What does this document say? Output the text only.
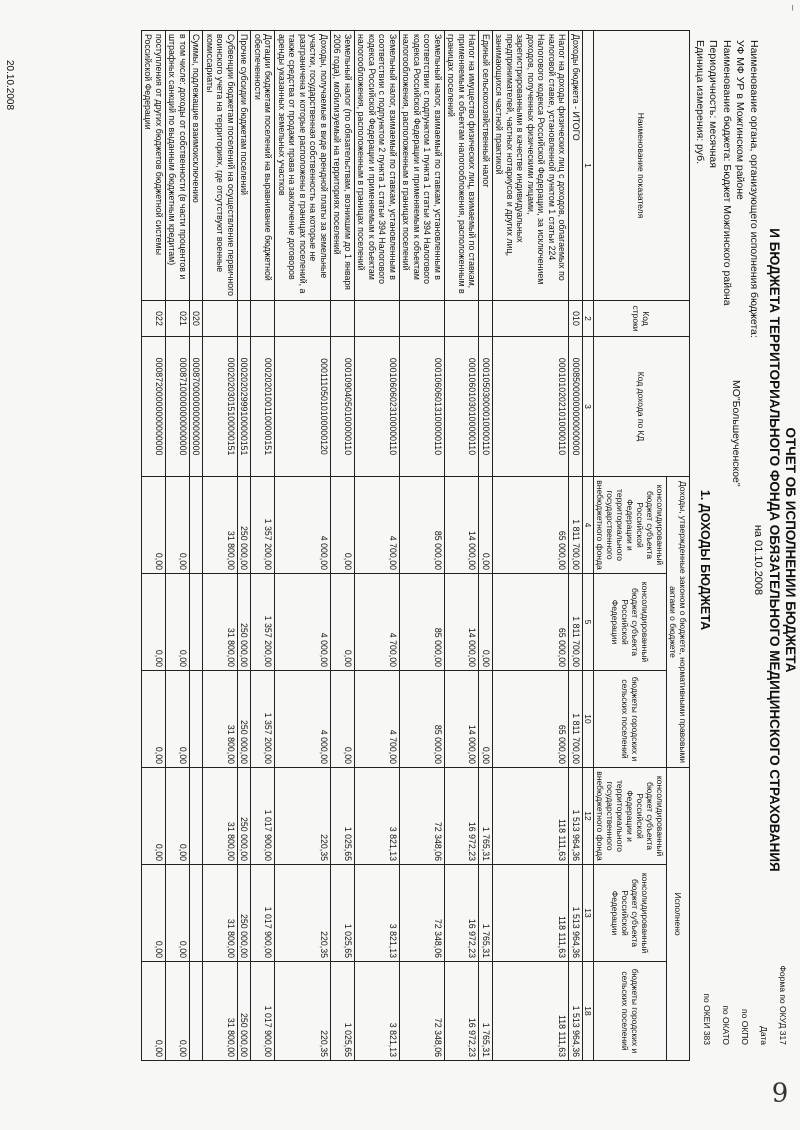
–
ОТЧЕТ ОБ ИСПОЛНЕНИИ БЮДЖЕТА
И БЮДЖЕТА ТЕРРИТОРИАЛЬНОГО ФОНДА ОБЯЗАТЕЛЬНОГО МЕДИЦИНСКОГО СТРАХОВАНИЯ
на 01.10.2008
Наименование органа, организующего исполнения бюджета:
УФ МФ УР в Можгинском районе
Наименование бюджета: Бюджет Можгинского района
Периодичность: месячная
Единица измерения: руб.
МО"Большеученское"
Форма по ОКУД 317
Дата
по ОКПО
по ОКАТО
по ОКЕИ 383
1. ДОХОДЫ БЮДЖЕТА
Наименование показателя	Код строки	Код дохода по КД	Доходы, утвержденные законом о бюджете, нормативными правовыми актами о бюджете			Исполнено		
			консолидированный бюджет субъекта Российской Федерации и территориального государственного внебюджетного фонда	консолидированный бюджет субъекта Российской Федерации	бюджеты городских и сельских поселений	консолидированный бюджет субъекта Российской Федерации и территориального государственного внебюджетного фонда	консолидированный бюджет субъекта Российской Федерации	бюджеты городских и сельских поселений
1	2	3	4	5	10	12	13	18
Доходы бюджета - ИТОГО	010	00085000000000000000	1 811 700,00	1 811 700,00	1 811 700,00	1 513 964,36	1 513 964,36	1 513 964,36
Налог на доходы физических лиц с доходов, облагаемых по налоговой ставке, установленной пунктом 1 статьи 224 Налогового кодекса Российской Федерации, за исключением доходов, полученных физическими лицами, зарегистрированными в качестве индивидуальных предпринимателей, частных нотариусов и других лиц, занимающихся частной практикой		00010102021010000110	65 000,00	65 000,00	65 000,00	118 111,63	118 111,63	118 111,63
Единый сельскохозяйственный налог		00010503000010000110	0,00	0,00	0,00	1 765,31	1 765,31	1 765,31
Налог на имущество физических лиц, взимаемый по ставкам, применяемым к объектам налогообложения, расположенным в границах поселений		00010601030100000110	14 000,00	14 000,00	14 000,00	16 972,23	16 972,23	16 972,23
Земельный налог, взимаемый по ставкам, установленным в соответствии с подпунктом 1 пункта 1 статьи 394 Налогового кодекса Российской Федерации и применяемым к объектам налогообложения, расположенным в границах поселений		00010606013100000110	85 000,00	85 000,00	85 000,00	72 348,06	72 348,06	72 348,06
Земельный налог, взимаемый по ставкам, установленным в соответствии с подпунктом 2 пункта 1 статьи 394 Налогового кодекса Российской Федерации и применяемым к объектам налогообложения, расположенным в границах поселений		00010606023100000110	4 700,00	4 700,00	4 700,00	3 821,13	3 821,13	3 821,13
Земельный налог (по обязательствам, возникшим до 1 января 2006 года), мобилизуемый на территориях поселений		00010904050100000110	0,00	0,00	0,00	1 025,65	1 025,65	1 025,65
Доходы, получаемые в виде арендной платы за земельные участки, государственная собственность на которые не разграничена и которые расположены в границах поселений, а также средства от продажи права на заключение договоров аренды указанных земельных участков		00011105010100000120	4 000,00	4 000,00	4 000,00	220,35	220,35	220,35
Дотации бюджетам поселений на выравнивание бюджетной обеспеченности		00020201001100000151	1 357 200,00	1 357 200,00	1 357 200,00	1 017 900,00	1 017 900,00	1 017 900,00
Прочие субсидии бюджетам поселений		00020202999100000151	250 000,00	250 000,00	250 000,00	250 000,00	250 000,00	250 000,00
Субвенции бюджетам поселений на осуществление первичного воинского учета на территориях, где отсутствуют военные комиссариаты		00020203015100000151	31 800,00	31 800,00	31 800,00	31 800,00	31 800,00	31 800,00
Суммы, подлежащие взаимоисключению	020	00087000000000000000						
в том числе: доходы от собственности (в части процентов и штрафных санкций по выданным бюджетным кредитам)	021	00087100000000000000	0,00	0,00	0,00	0,00	0,00	0,00
поступления от других бюджетов бюджетной системы Российской Федерации	022	00087200000000000000	0,00	0,00	0,00	0,00	0,00	0,00
20.10.2008
9
